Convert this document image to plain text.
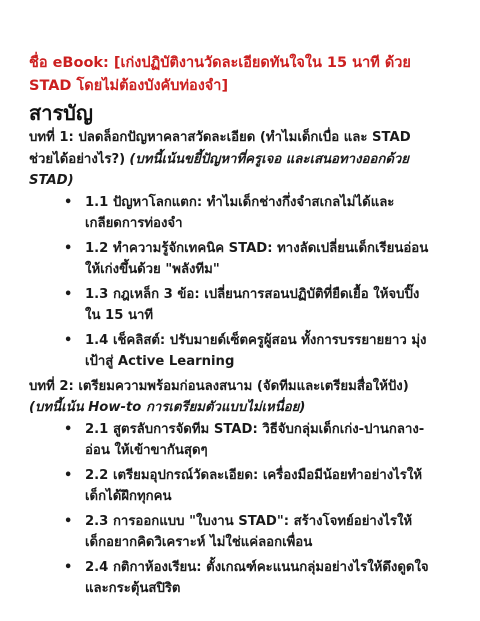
ชื่อ eBook: [เก่งปฏิบัติงานวัดละเอียดทันใจใน 15 นาที ด้วย STAD โดยไม่ต้องบังคับท่องจำ]

สารบัญ

บทที่ 1: ปลดล็อกปัญหาคลาสวัดละเอียด (ทำไมเด็กเบื่อ และ STAD ช่วยได้อย่างไร?) (บทนี้เน้นขยี้ปัญหาที่ครูเจอ และเสนอทางออกด้วย STAD)

• 1.1 ปัญหาโลกแตก: ทำไมเด็กช่างกึ่งจำสเกลไม่ได้และเกลียดการท่องจำ
• 1.2 ทำความรู้จักเทคนิค STAD: ทางลัดเปลี่ยนเด็กเรียนอ่อนให้เก่งขึ้นด้วย "พลังทีม"
• 1.3 กฎเหล็ก 3 ข้อ: เปลี่ยนการสอนปฏิบัติที่ยืดเยื้อ ให้จบปิ๊งใน 15 นาที
• 1.4 เช็คลิสต์: ปรับมายด์เซ็ตครูผู้สอน ทั้งการบรรยายยาว มุ่งเป้าสู่ Active Learning

บทที่ 2: เตรียมความพร้อมก่อนลงสนาม (จัดทีมและเตรียมสื่อให้ปัง) (บทนี้เน้น How-to การเตรียมตัวแบบไม่เหนื่อย)

• 2.1 สูตรลับการจัดทีม STAD: วิธีจับกลุ่มเด็กเก่ง-ปานกลาง-อ่อน ให้เข้าขากันสุดๆ
• 2.2 เตรียมอุปกรณ์วัดละเอียด: เครื่องมือมีน้อยทำอย่างไรให้เด็กได้ฝึกทุกคน
• 2.3 การออกแบบ "ใบงาน STAD": สร้างโจทย์อย่างไรให้เด็กอยากคิดวิเคราะห์ ไม่ใช่แค่ลอกเพื่อน
• 2.4 กติกาห้องเรียน: ตั้งเกณฑ์คะแนนกลุ่มอย่างไรให้ดึงดูดใจและกระตุ้นสปิริต
